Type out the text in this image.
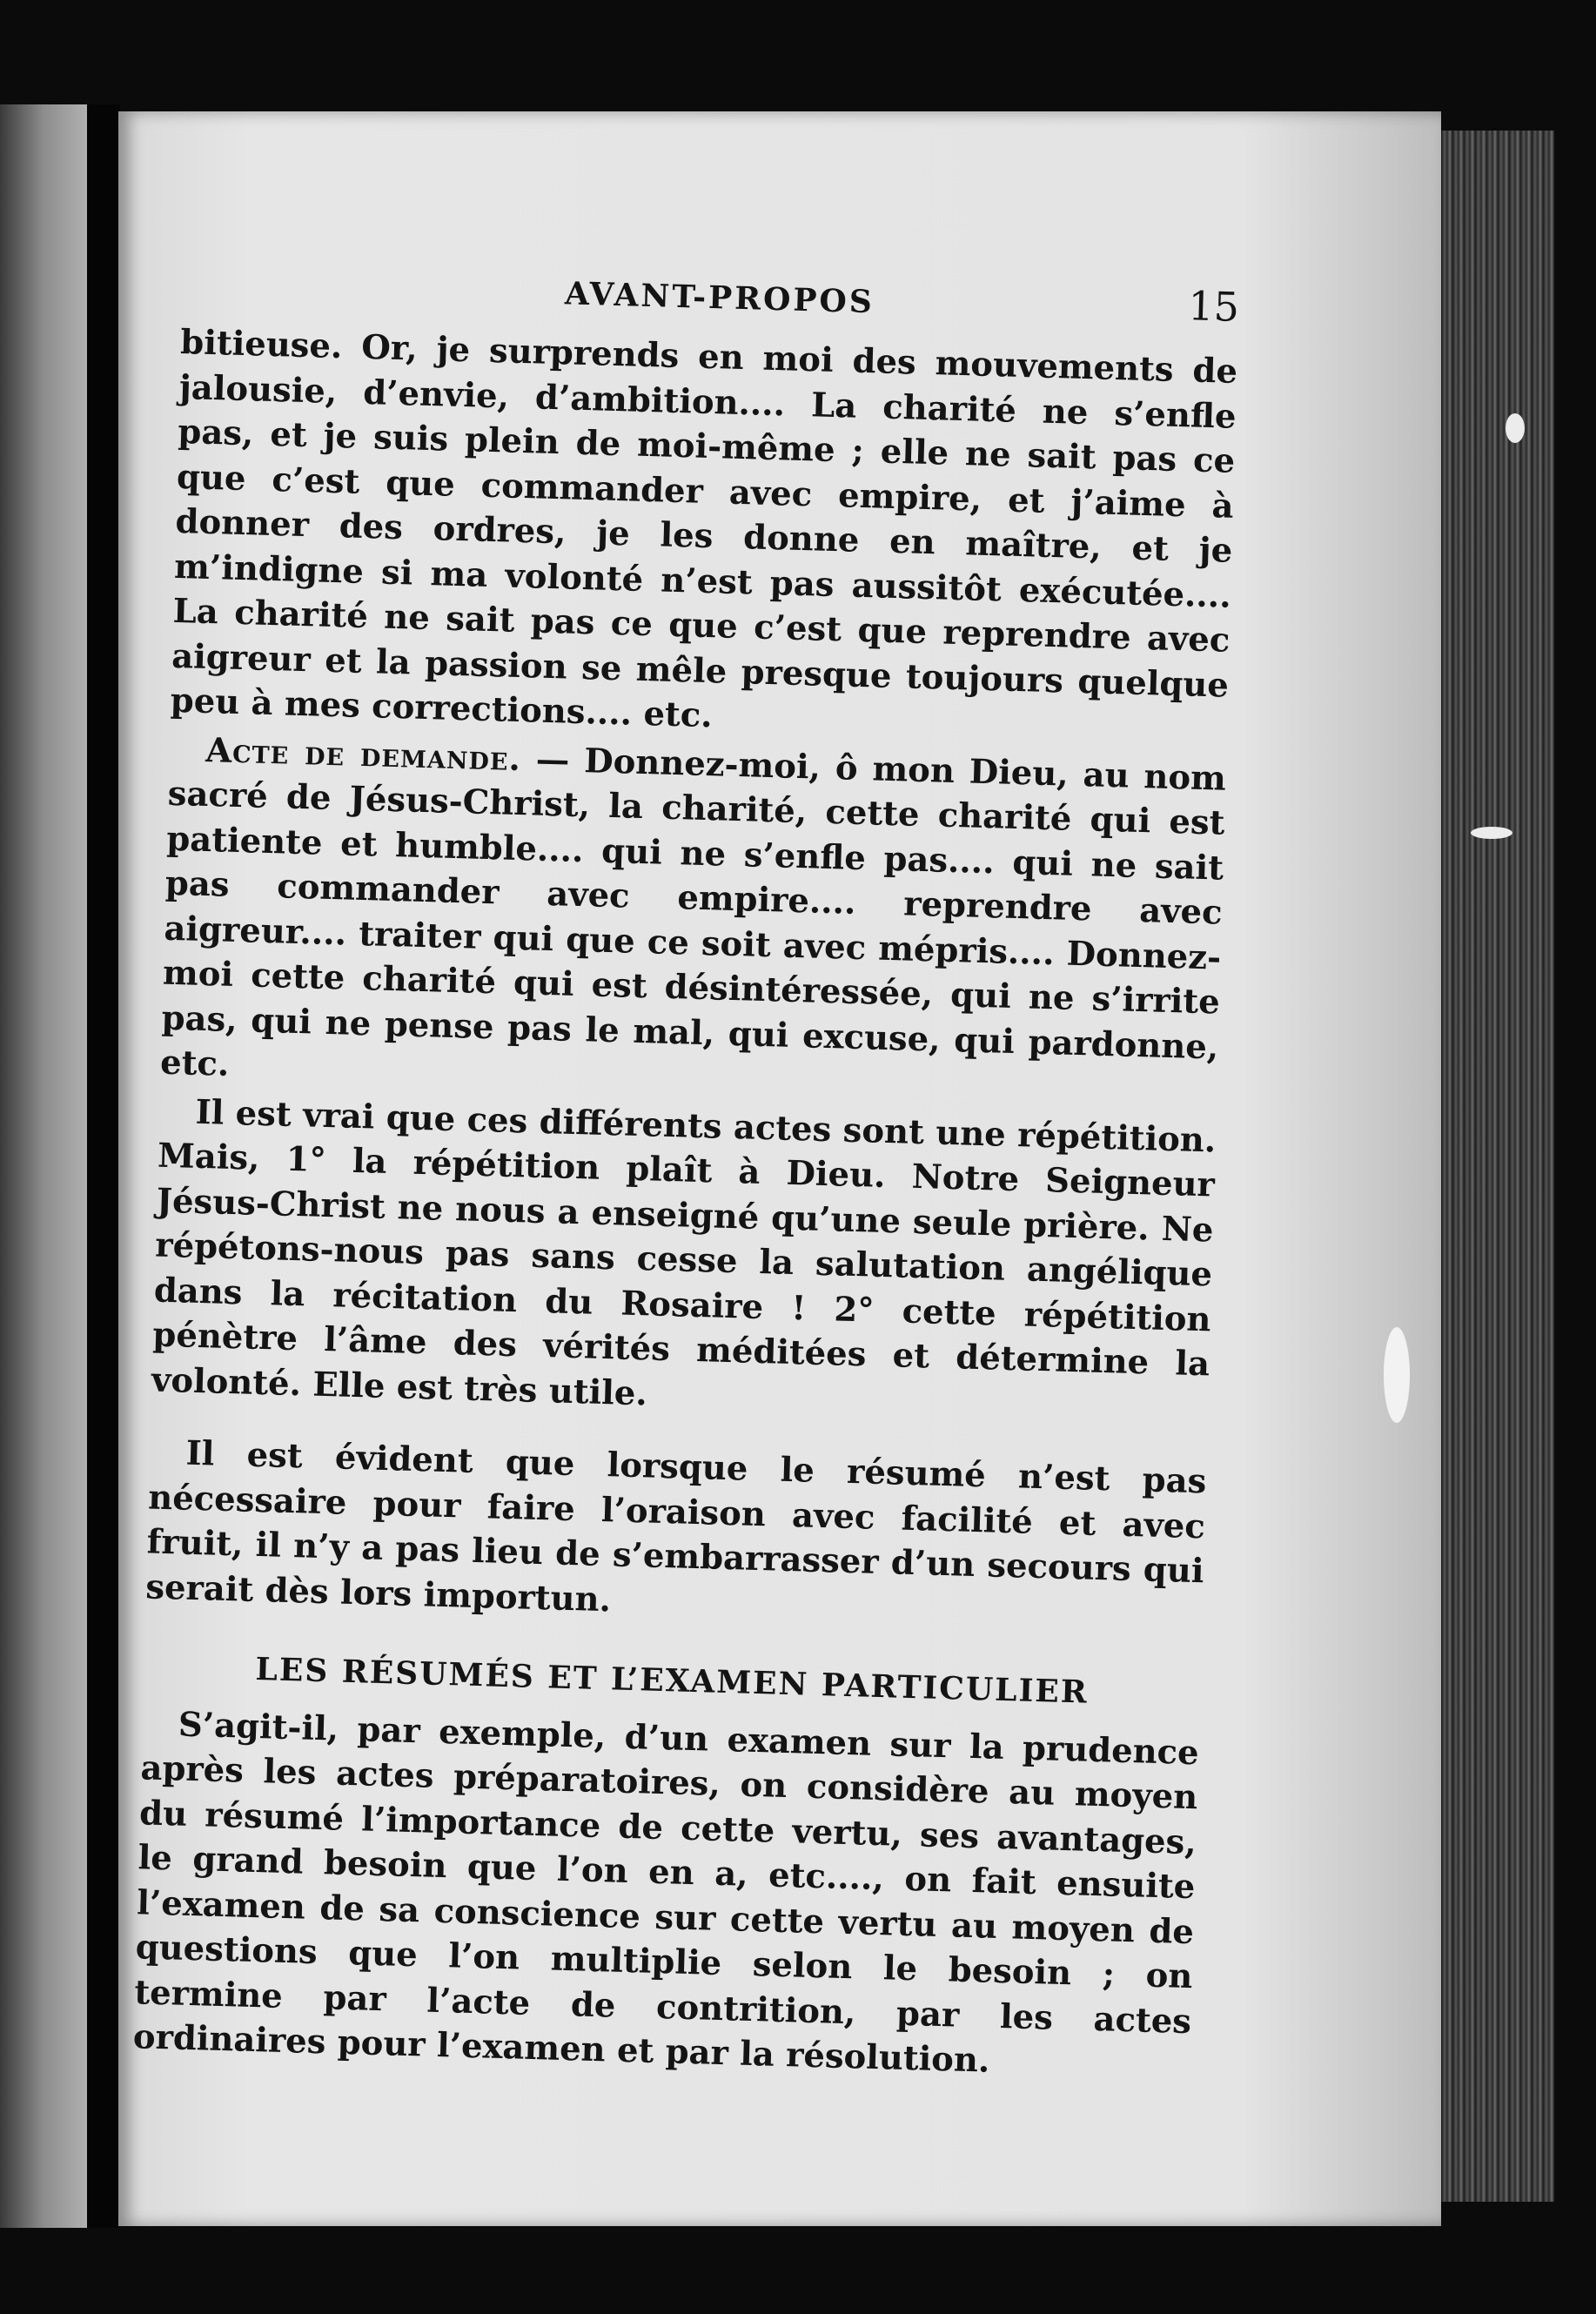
AVANT-PROPOS	15

bitieuse. Or, je surprends en moi des mouvements de jalousie, d’envie, d’ambition.... La charité ne s’enfle pas, et je suis plein de moi-même ; elle ne sait pas ce que c’est que commander avec empire, et j’aime à donner des ordres, je les donne en maître, et je m’indigne si ma volonté n’est pas aussitôt exécutée.... La charité ne sait pas ce que c’est que reprendre avec aigreur et la passion se mêle presque toujours quelque peu à mes corrections.... etc.

Acte de demande. — Donnez-moi, ô mon Dieu, au nom sacré de Jésus-Christ, la charité, cette charité qui est patiente et humble.... qui ne s’enfle pas.... qui ne sait pas commander avec empire.... reprendre avec aigreur.... traiter qui que ce soit avec mépris.... Donnez-moi cette charité qui est désintéressée, qui ne s’irrite pas, qui ne pense pas le mal, qui excuse, qui pardonne, etc.

Il est vrai que ces différents actes sont une répétition. Mais, 1° la répétition plaît à Dieu. Notre Seigneur Jésus-Christ ne nous a enseigné qu’une seule prière. Ne répétons-nous pas sans cesse la salutation angélique dans la récitation du Rosaire ! 2° cette répétition pénètre l’âme des vérités méditées et détermine la volonté. Elle est très utile.

Il est évident que lorsque le résumé n’est pas nécessaire pour faire l’oraison avec facilité et avec fruit, il n’y a pas lieu de s’embarrasser d’un secours qui serait dès lors importun.

LES RÉSUMÉS ET L’EXAMEN PARTICULIER

S’agit-il, par exemple, d’un examen sur la prudence après les actes préparatoires, on considère au moyen du résumé l’importance de cette vertu, ses avantages, le grand besoin que l’on en a, etc...., on fait ensuite l’examen de sa conscience sur cette vertu au moyen de questions que l’on multiplie selon le besoin ; on termine par l’acte de contrition, par les actes ordinaires pour l’examen et par la résolution.
